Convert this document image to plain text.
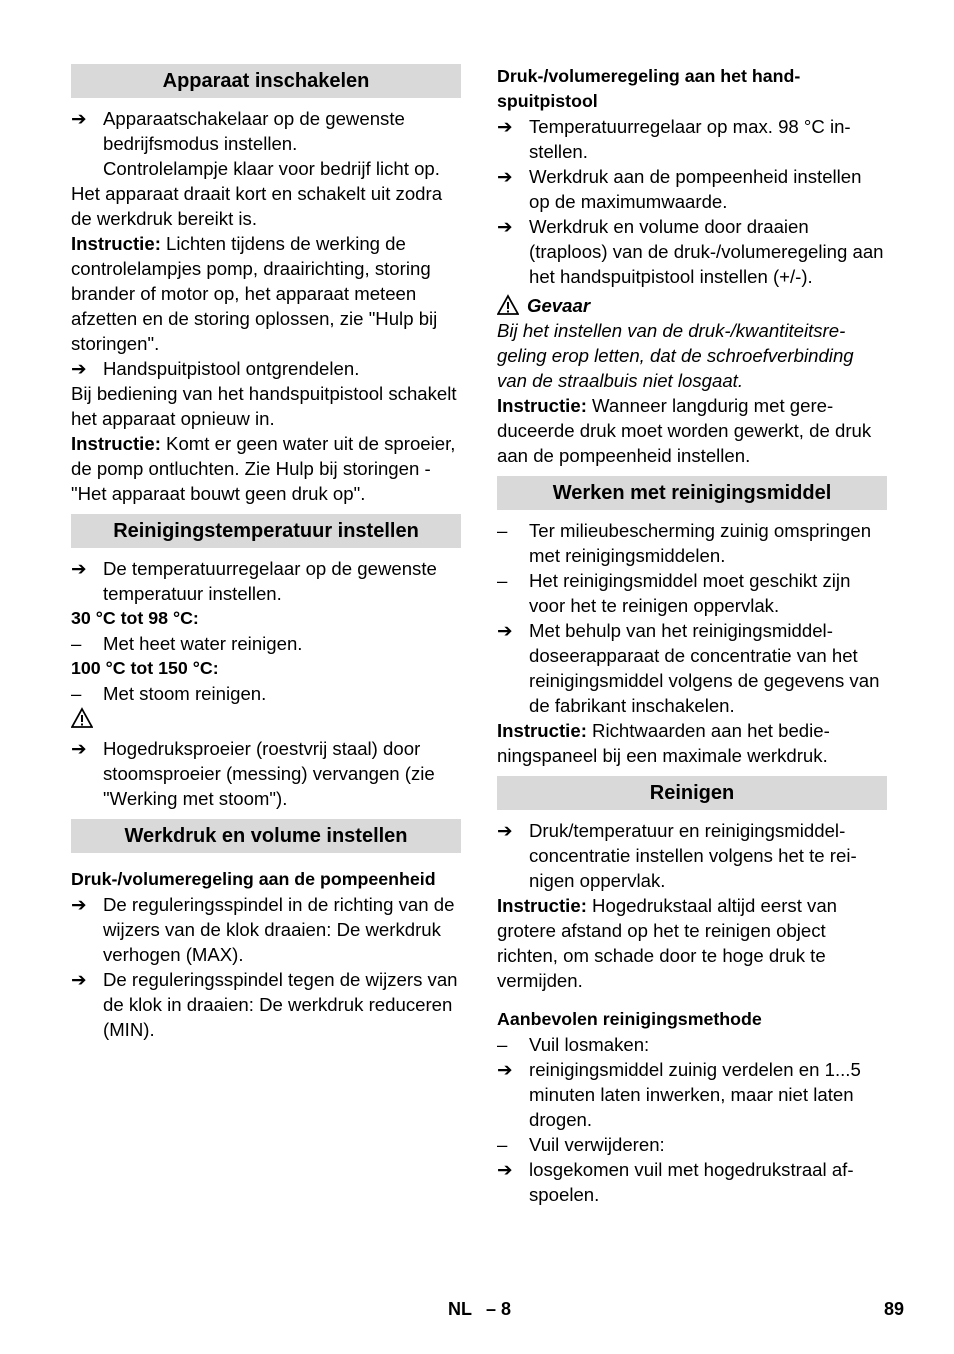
Apparaat inschakelen
➔ Apparaatschakelaar op de gewenste bedrijfsmodus instellen.

Controlelampje klaar voor bedrijf licht op.

Het apparaat draait kort en schakelt uit zodra de werkdruk bereikt is.

Instructie: Lichten tijdens de werking de controlelampjes pomp, draairichting, storing brander of motor op, het apparaat meteen afzetten en de storing oplossen, zie "Hulp bij storingen".

➔ Handspuitpistool ontgrendelen.

Bij bediening van het handspuitpistool schakelt het apparaat opnieuw in.

Instructie: Komt er geen water uit de sproeier, de pomp ontluchten. Zie Hulp bij storingen - "Het apparaat bouwt geen druk op".

Reinigingstemperatuur instellen
➔ De temperatuurregelaar op de gewenste temperatuur instellen.

30 °C tot 98 °C:

–	Met heet water reinigen.

100 °C tot 150 °C:

–	Met stoom reinigen.

➔ Hogedruksproeier (roestvrij staal) door stoomsproeier (messing) vervangen (zie "Werking met stoom").

Werkdruk en volume instellen

Druk-/volumeregeling aan de pompeenheid

➔ De reguleringsspindel in de richting van de wijzers van de klok draaien: De werkdruk verhogen (MAX).

➔ De reguleringsspindel tegen de wijzers van de klok in draaien: De werkdruk reduceren (MIN).

Druk-/volumeregeling aan het handspuitpistool

➔ Temperatuurregelaar op max. 98 °C instellen.

➔ Werkdruk aan de pompeenheid instellen op de maximumwaarde.

➔ Werkdruk en volume door draaien (traploos) van de druk-/volumeregeling aan het handspuitpistool instellen (+/-).

Gevaar

Bij het instellen van de druk-/kwantiteitsregeling erop letten, dat de schroefverbinding van de straalbuis niet losgaat.

Instructie: Wanneer langdurig met gereduceerde druk moet worden gewerkt, de druk aan de pompeenheid instellen.

Werken met reinigingsmiddel
–	Ter milieubescherming zuinig omspringen met reinigingsmiddelen.

–	Het reinigingsmiddel moet geschikt zijn voor het te reinigen oppervlak.

➔ Met behulp van het reinigingsmiddeldoseerapparaat de concentratie van het reinigingsmiddel volgens de gegevens van de fabrikant inschakelen.

Instructie: Richtwaarden aan het bedieningspaneel bij een maximale werkdruk.

Reinigen
➔ Druk/temperatuur en reinigingsmiddelconcentratie instellen volgens het te reinigen oppervlak.

Instructie: Hogedrukstaal altijd eerst van grotere afstand op het te reinigen object richten, om schade door te hoge druk te vermijden.

Aanbevolen reinigingsmethode

–	Vuil losmaken:

➔ reinigingsmiddel zuinig verdelen en 1...5 minuten laten inwerken, maar niet laten drogen.

–	Vuil verwijderen:

➔ losgekomen vuil met hogedrukstraal afspoelen.

NL – 8	89
